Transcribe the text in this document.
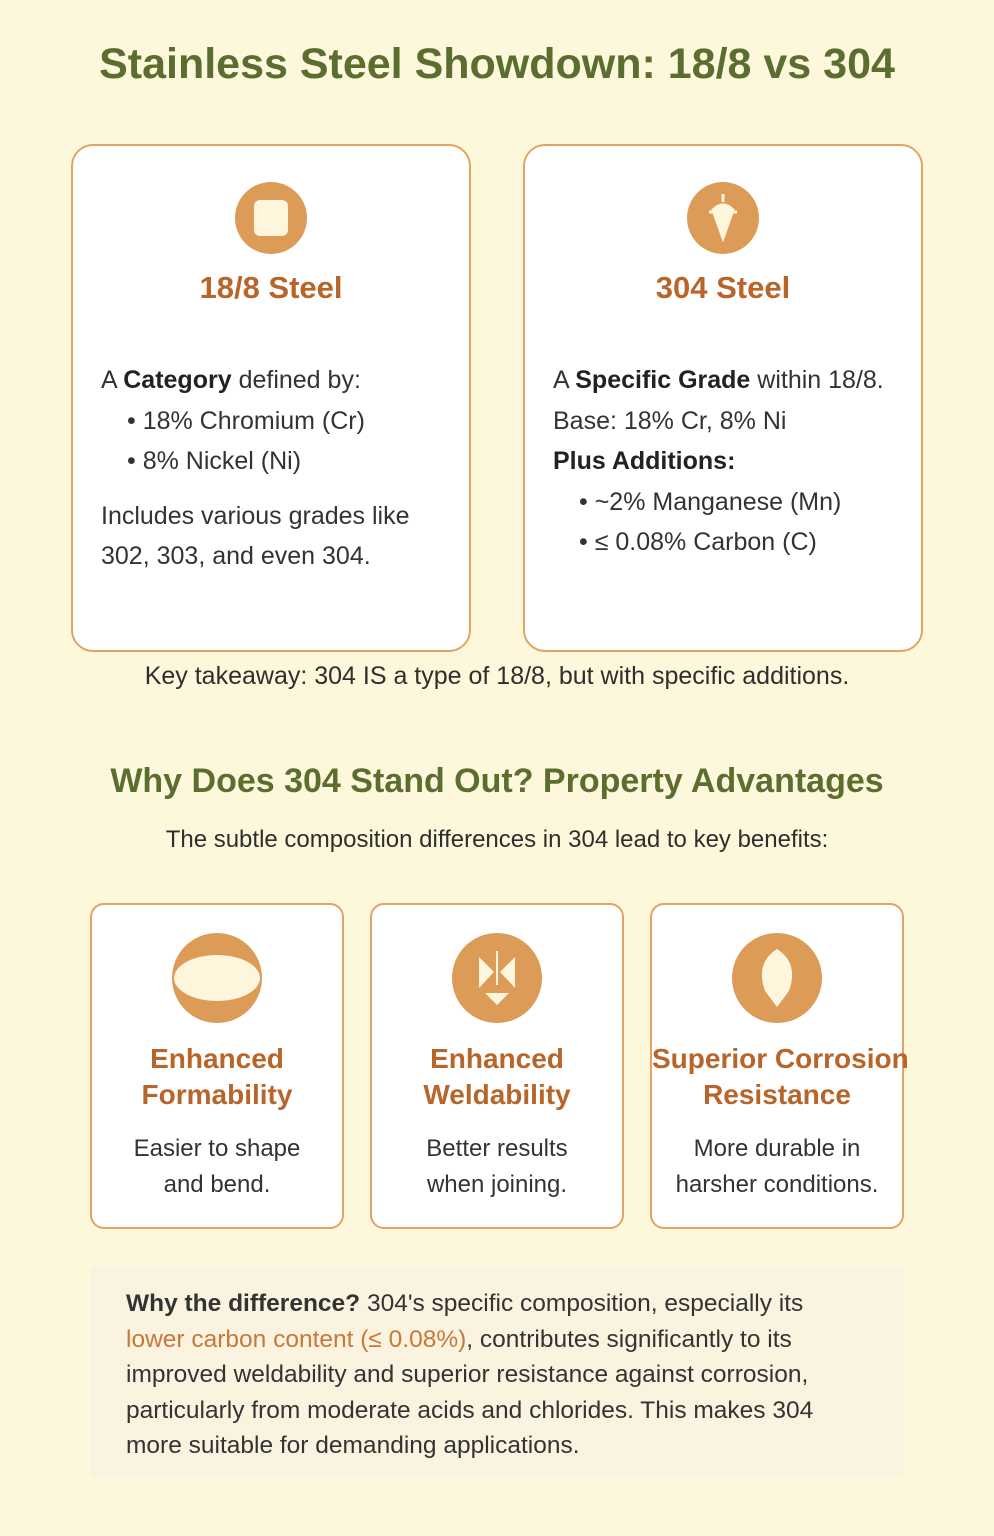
Stainless Steel Showdown: 18/8 vs 304
18/8 Steel
A Category defined by:
• 18% Chromium (Cr)
• 8% Nickel (Ni)
Includes various grades like 302, 303, and even 304.
304 Steel
A Specific Grade within 18/8.
Base: 18% Cr, 8% Ni
Plus Additions:
• ~2% Manganese (Mn)
• ≤ 0.08% Carbon (C)
Key takeaway: 304 IS a type of 18/8, but with specific additions.
Why Does 304 Stand Out? Property Advantages
The subtle composition differences in 304 lead to key benefits:
Enhanced
Formability
Easier to shape
and bend.
Enhanced
Weldability
Better results
when joining.
Superior Corrosion
Resistance
More durable in
harsher conditions.
Why the difference? 304's specific composition, especially its lower carbon content (≤ 0.08%), contributes significantly to its improved weldability and superior resistance against corrosion, particularly from moderate acids and chlorides. This makes 304 more suitable for demanding applications.
